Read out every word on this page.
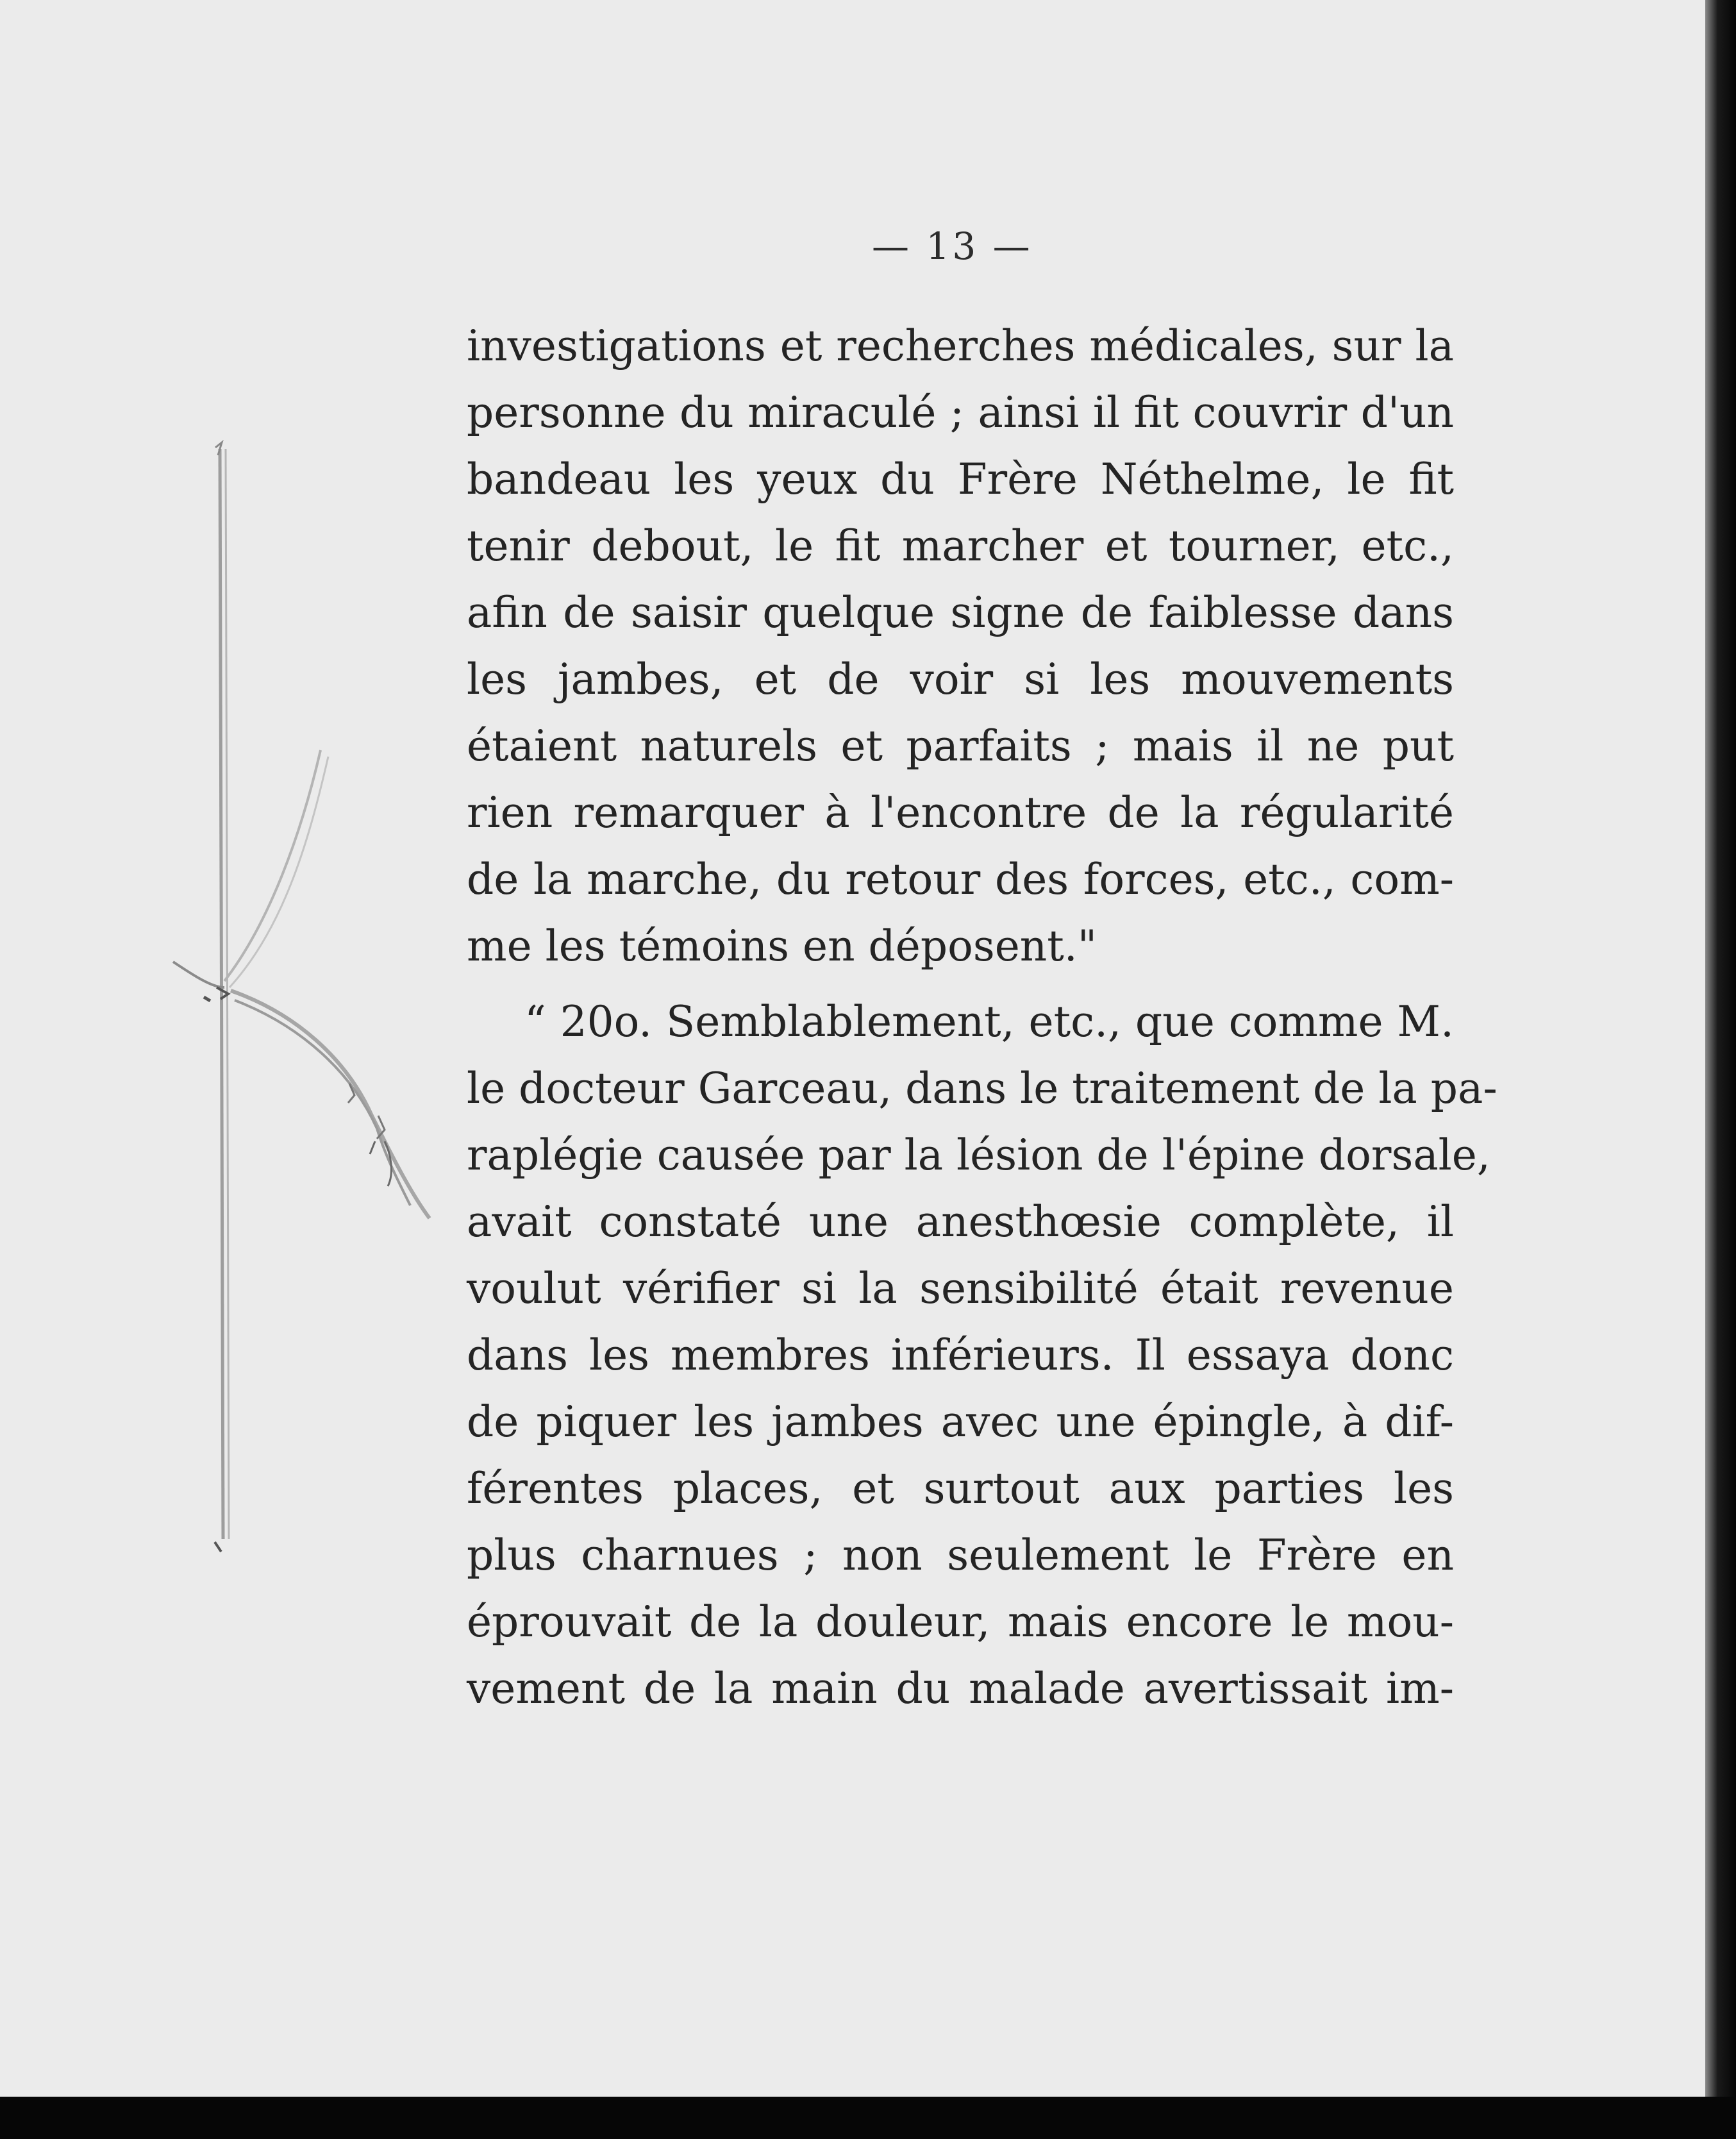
— 13 —
investigations et recherches médicales, sur la
personne du miraculé ; ainsi il fit couvrir d'un
bandeau les yeux du Frère Néthelme, le fit
tenir debout, le fit marcher et tourner, etc.,
afin de saisir quelque signe de faiblesse dans
les jambes, et de voir si les mouvements
étaient naturels et parfaits ; mais il ne put
rien remarquer à l'encontre de la régularité
de la marche, du retour des forces, etc., com-
me les témoins en déposent."
“ 20o. Semblablement, etc., que comme M.
le docteur Garceau, dans le traitement de la pa-
raplégie causée par la lésion de l'épine dorsale,
avait constaté une anesthœsie complète, il
voulut vérifier si la sensibilité était revenue
dans les membres inférieurs. Il essaya donc
de piquer les jambes avec une épingle, à dif-
férentes places, et surtout aux parties les
plus charnues ; non seulement le Frère en
éprouvait de la douleur, mais encore le mou-
vement de la main du malade avertissait im-
